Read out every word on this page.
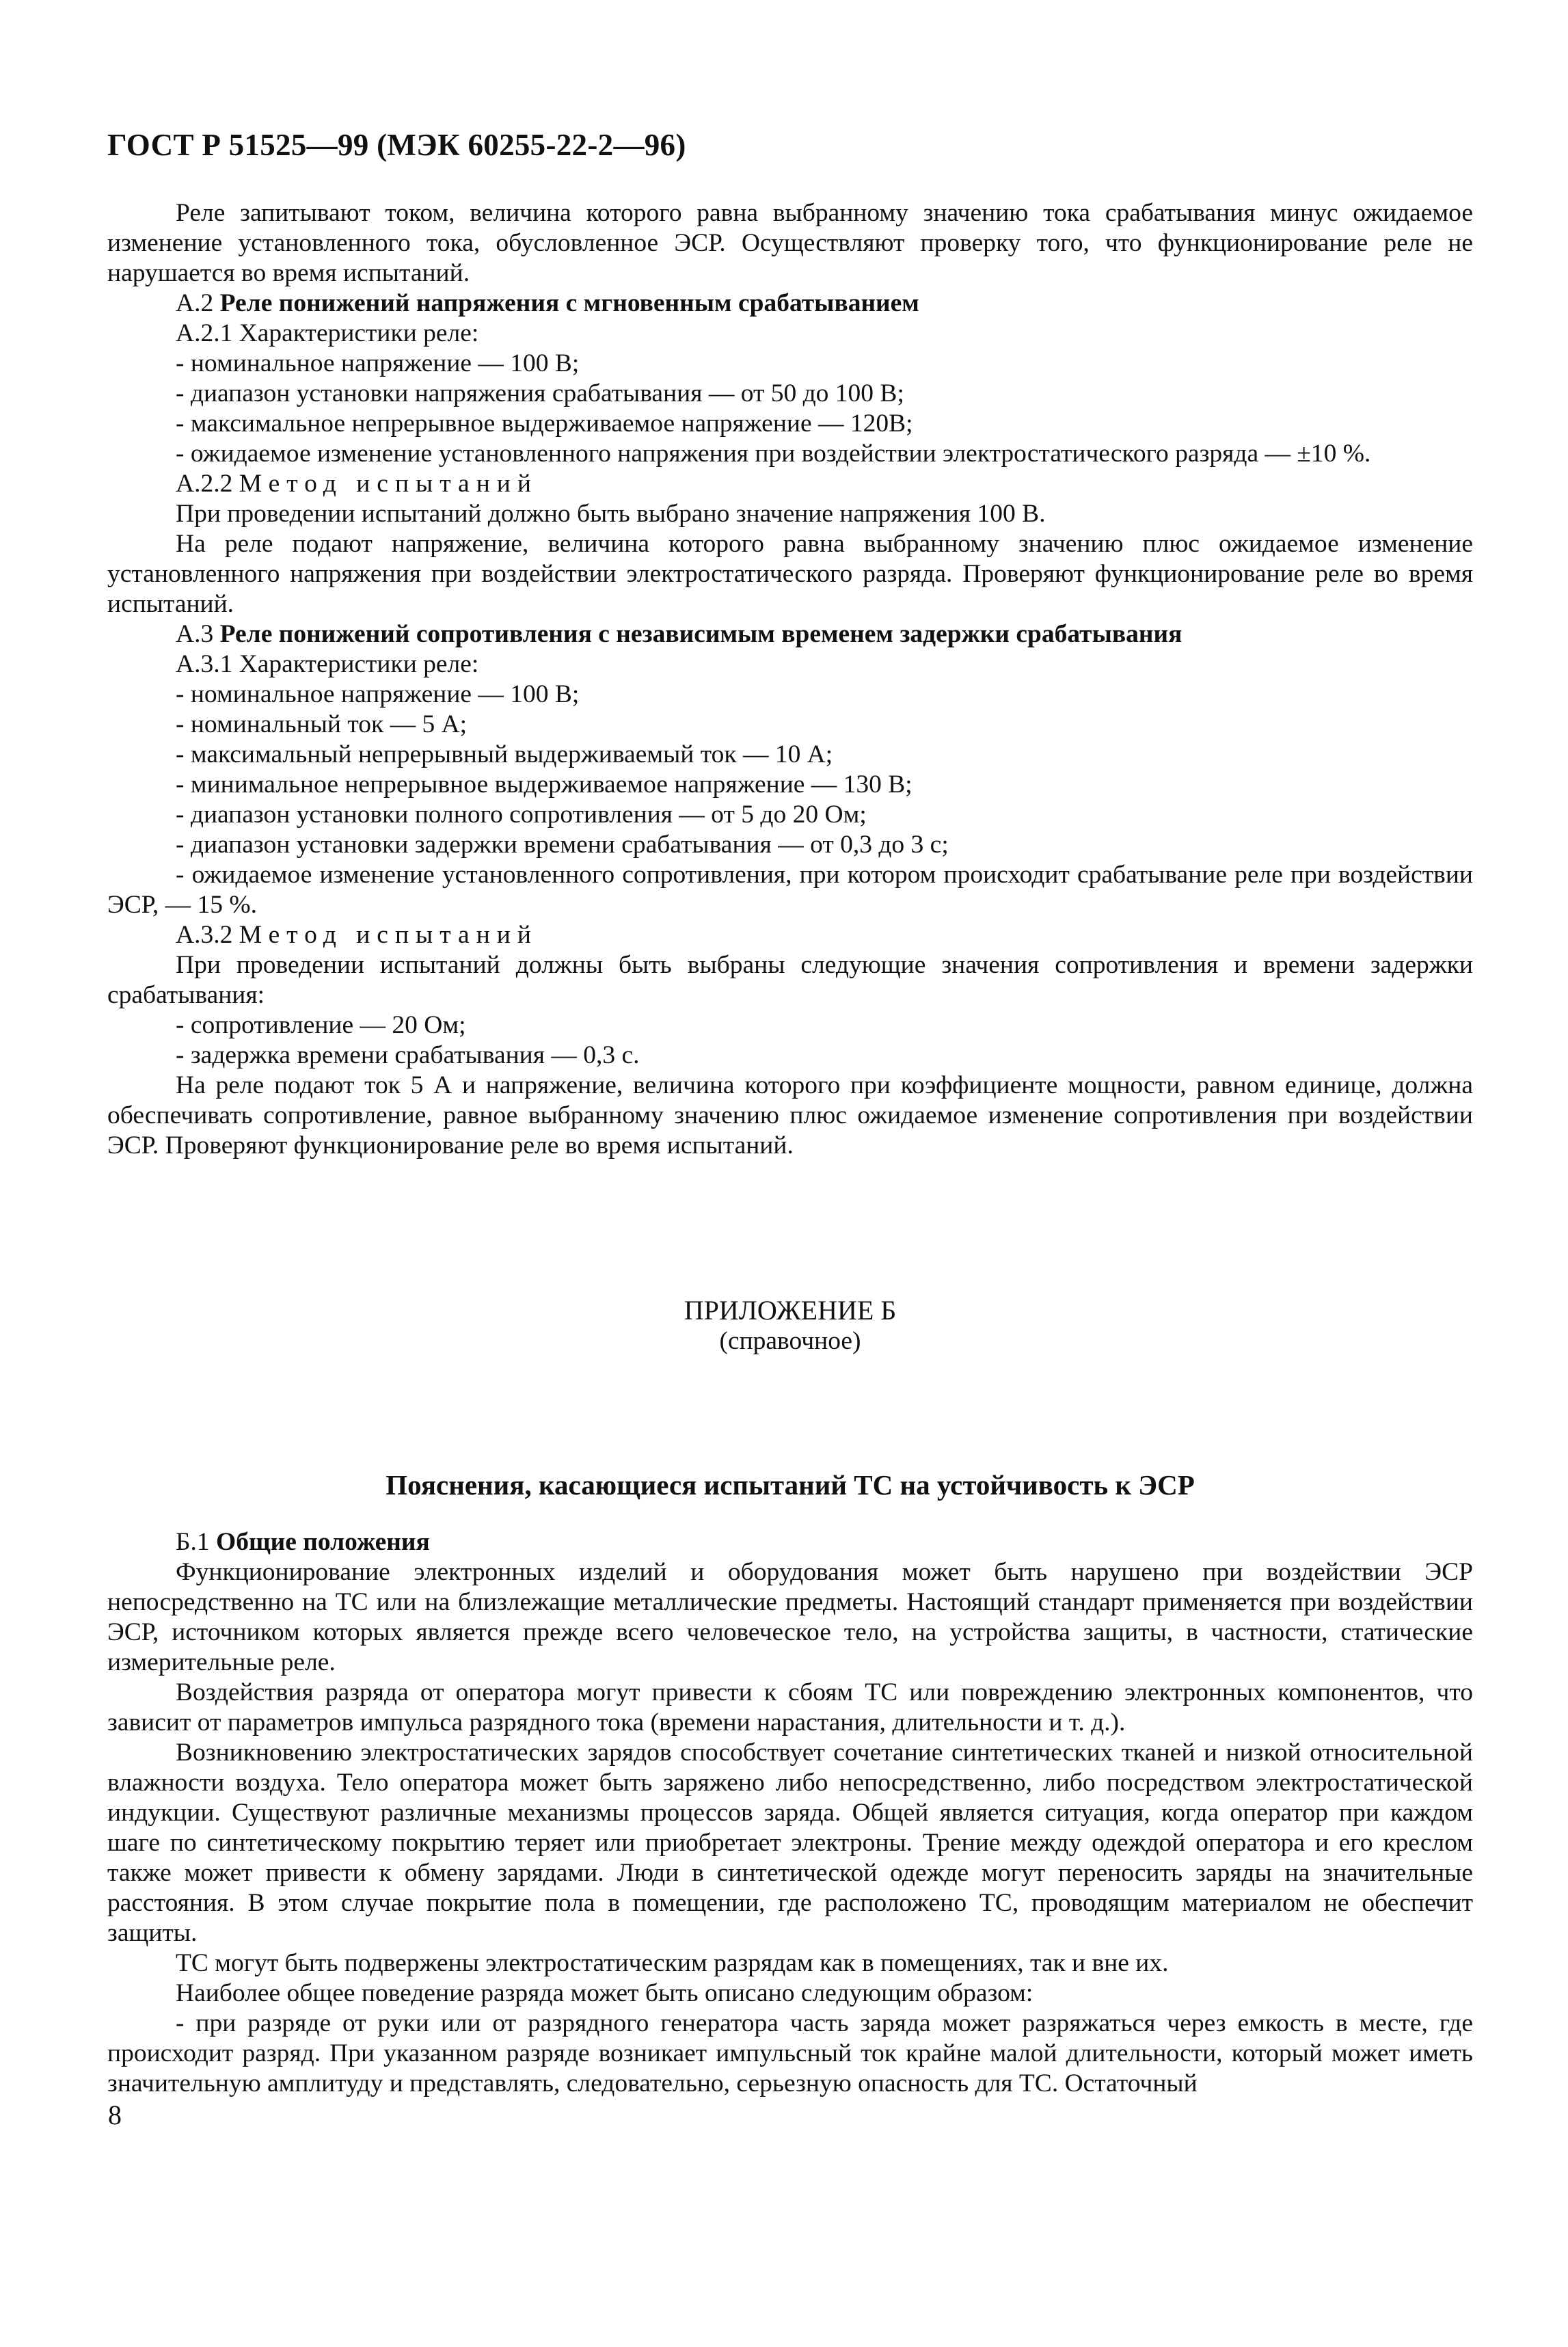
ГОСТ Р 51525—99 (МЭК 60255-22-2—96)

Реле запитывают током, величина которого равна выбранному значению тока срабатывания минус ожидаемое изменение установленного тока, обусловленное ЭСР. Осуществляют проверку того, что функционирование реле не нарушается во время испытаний.

А.2 Реле понижений напряжения с мгновенным срабатыванием

А.2.1 Характеристики реле:

- номинальное напряжение — 100 В;

- диапазон установки напряжения срабатывания — от 50 до 100 В;

- максимальное непрерывное выдерживаемое напряжение — 120В;

- ожидаемое изменение установленного напряжения при воздействии электростатического разряда — ±10 %.

А.2.2 Метод испытаний

При проведении испытаний должно быть выбрано значение напряжения 100 В.

На реле подают напряжение, величина которого равна выбранному значению плюс ожидаемое изменение установленного напряжения при воздействии электростатического разряда. Проверяют функционирование реле во время испытаний.

А.3 Реле понижений сопротивления с независимым временем задержки срабатывания

А.3.1 Характеристики реле:

- номинальное напряжение — 100 В;

- номинальный ток — 5 А;

- максимальный непрерывный выдерживаемый ток — 10 А;

- минимальное непрерывное выдерживаемое напряжение — 130 В;

- диапазон установки полного сопротивления — от 5 до 20 Ом;

- диапазон установки задержки времени срабатывания — от 0,3 до 3 с;

- ожидаемое изменение установленного сопротивления, при котором происходит срабатывание реле при воздействии ЭСР, — 15 %.

А.3.2 Метод испытаний

При проведении испытаний должны быть выбраны следующие значения сопротивления и времени задержки срабатывания:

- сопротивление — 20 Ом;

- задержка времени срабатывания — 0,3 с.

На реле подают ток 5 А и напряжение, величина которого при коэффициенте мощности, равном единице, должна обеспечивать сопротивление, равное выбранному значению плюс ожидаемое изменение сопротивления при воздействии ЭСР. Проверяют функционирование реле во время испытаний.

ПРИЛОЖЕНИЕ Б
(справочное)
Пояснения, касающиеся испытаний ТС на устойчивость к ЭСР

Б.1 Общие положения

Функционирование электронных изделий и оборудования может быть нарушено при воздействии ЭСР непосредственно на ТС или на близлежащие металлические предметы. Настоящий стандарт применяется при воздействии ЭСР, источником которых является прежде всего человеческое тело, на устройства защиты, в частности, статические измерительные реле.

Воздействия разряда от оператора могут привести к сбоям ТС или повреждению электронных компонентов, что зависит от параметров импульса разрядного тока (времени нарастания, длительности и т. д.).

Возникновению электростатических зарядов способствует сочетание синтетических тканей и низкой относительной влажности воздуха. Тело оператора может быть заряжено либо непосредственно, либо посредством электростатической индукции. Существуют различные механизмы процессов заряда. Общей является ситуация, когда оператор при каждом шаге по синтетическому покрытию теряет или приобретает электроны. Трение между одеждой оператора и его креслом также может привести к обмену зарядами. Люди в синтетической одежде могут переносить заряды на значительные расстояния. В этом случае покрытие пола в помещении, где расположено ТС, проводящим материалом не обеспечит защиты.

ТС могут быть подвержены электростатическим разрядам как в помещениях, так и вне их.

Наиболее общее поведение разряда может быть описано следующим образом:

- при разряде от руки или от разрядного генератора часть заряда может разряжаться через емкость в месте, где происходит разряд. При указанном разряде возникает импульсный ток крайне малой длительности, который может иметь значительную амплитуду и представлять, следовательно, серьезную опасность для ТС. Остаточный

8
